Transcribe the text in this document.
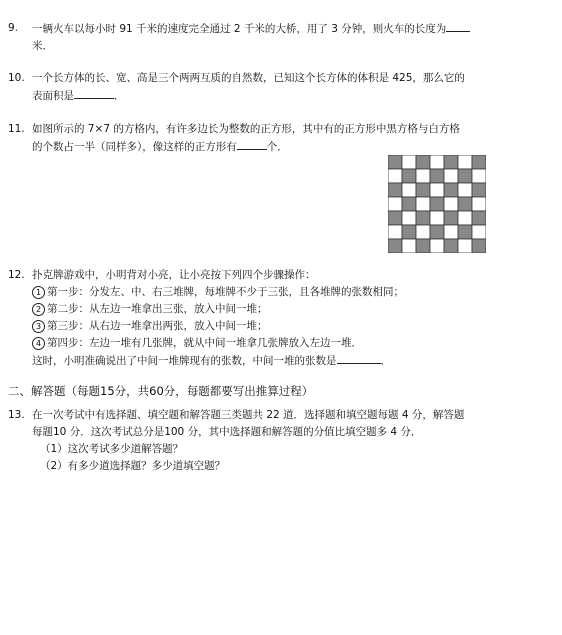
9. 一辆火车以每小时 91 千米的速度完全通过 2 千米的大桥，用了 3 分钟，则火车的长度为
米．
10. 一个长方体的长、宽、高是三个两两互质的自然数，已知这个长方体的体积是 425，那么它的
表面积是	．
11. 如图所示的 7×7 的方格内，有许多边长为整数的正方形，其中有的正方形中黑方格与白方格
的个数占一半（同样多），像这样的正方形有	个．
12. 扑克牌游戏中，小明背对小亮，让小亮按下列四个步骤操作：
1 第一步：分发左、中、右三堆牌，每堆牌不少于三张，且各堆牌的张数相同；
2 第二步：从左边一堆拿出三张，放入中间一堆；
3 第三步：从右边一堆拿出两张，放入中间一堆；
4 第四步：左边一堆有几张牌，就从中间一堆拿几张牌放入左边一堆．
这时，小明准确说出了中间一堆牌现有的张数，中间一堆的张数是	．
二、解答题（每题15分，共60分，每题都要写出推算过程）
13. 在一次考试中有选择题、填空题和解答题三类题共 22 道．选择题和填空题每题 4 分，解答题
每题10 分．这次考试总分是100 分，其中选择题和解答题的分值比填空题多 4 分．
（1）这次考试多少道解答题？
（2）有多少道选择题？多少道填空题？
